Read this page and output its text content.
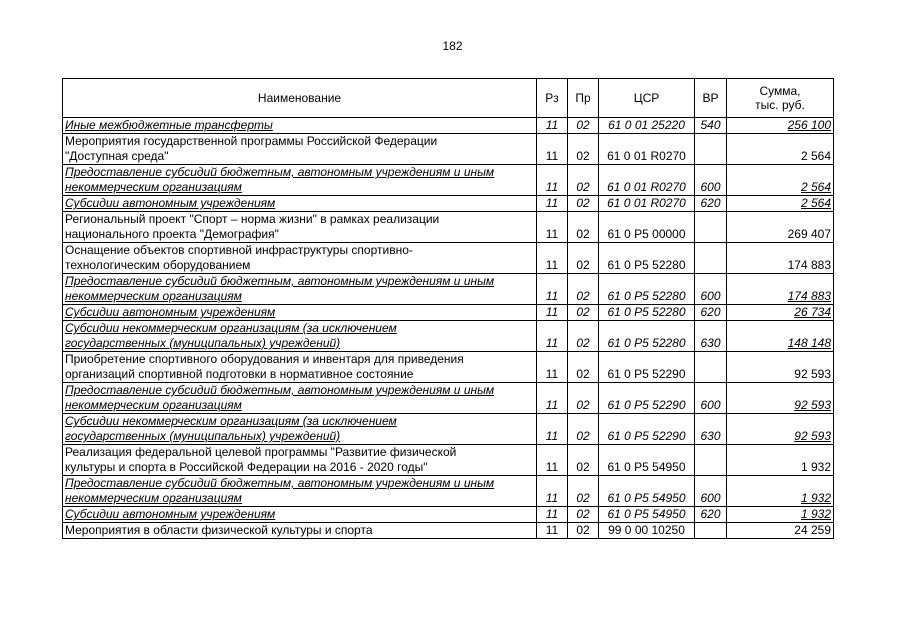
182
Наименование	Рз	Пр	ЦСР	ВР	Сумма,
тыс. руб.

Иные межбюджетные трансферты	11	02	61 0 01 25220	540	256 100

Мероприятия государственной программы Российской Федерации
"Доступная среда"	11	02	61 0 01 R0270		2 564

Предоставление субсидий бюджетным, автономным учреждениям и иным
некоммерческим организациям	11	02	61 0 01 R0270	600	2 564

Субсидии автономным учреждениям	11	02	61 0 01 R0270	620	2 564

Региональный проект "Спорт – норма жизни" в рамках реализации
национального проекта "Демография"	11	02	61 0 P5 00000		269 407

Оснащение объектов спортивной инфраструктуры спортивно-
технологическим оборудованием	11	02	61 0 P5 52280		174 883

Предоставление субсидий бюджетным, автономным учреждениям и иным
некоммерческим организациям	11	02	61 0 P5 52280	600	174 883

Субсидии автономным учреждениям	11	02	61 0 P5 52280	620	26 734

Субсидии некоммерческим организациям (за исключением
государственных (муниципальных) учреждений)	11	02	61 0 P5 52280	630	148 148

Приобретение спортивного оборудования и инвентаря для приведения
организаций спортивной подготовки в нормативное состояние	11	02	61 0 P5 52290		92 593

Предоставление субсидий бюджетным, автономным учреждениям и иным
некоммерческим организациям	11	02	61 0 P5 52290	600	92 593

Субсидии некоммерческим организациям (за исключением
государственных (муниципальных) учреждений)	11	02	61 0 P5 52290	630	92 593

Реализация федеральной целевой программы "Развитие физической
культуры и спорта в Российской Федерации на 2016 - 2020 годы"	11	02	61 0 P5 54950		1 932

Предоставление субсидий бюджетным, автономным учреждениям и иным
некоммерческим организациям	11	02	61 0 P5 54950	600	1 932

Субсидии автономным учреждениям	11	02	61 0 P5 54950	620	1 932

Мероприятия в области физической культуры и спорта	11	02	99 0 00 10250		24 259
